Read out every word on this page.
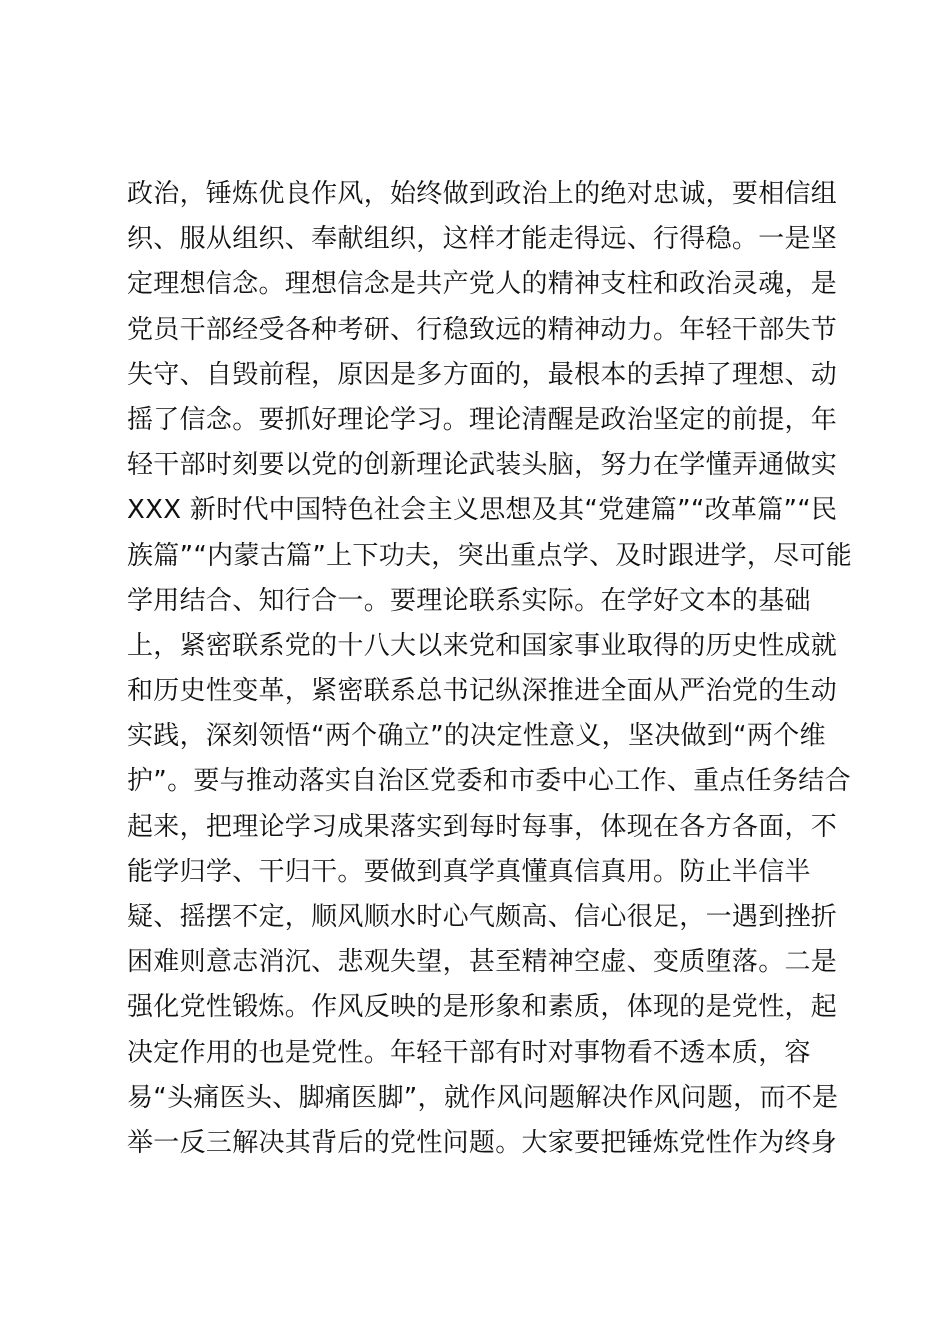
政治，锤炼优良作风，始终做到政治上的绝对忠诚，要相信组
织、服从组织、奉献组织，这样才能走得远、行得稳。一是坚
定理想信念。理想信念是共产党人的精神支柱和政治灵魂，是
党员干部经受各种考研、行稳致远的精神动力。年轻干部失节
失守、自毁前程，原因是多方面的，最根本的丢掉了理想、动
摇了信念。要抓好理论学习。理论清醒是政治坚定的前提，年
轻干部时刻要以党的创新理论武装头脑，努力在学懂弄通做实
XXX 新时代中国特色社会主义思想及其“党建篇”“改革篇”“民
族篇”“内蒙古篇”上下功夫，突出重点学、及时跟进学，尽可能
学用结合、知行合一。要理论联系实际。在学好文本的基础
上，紧密联系党的十八大以来党和国家事业取得的历史性成就
和历史性变革，紧密联系总书记纵深推进全面从严治党的生动
实践，深刻领悟“两个确立”的决定性意义，坚决做到“两个维
护”。要与推动落实自治区党委和市委中心工作、重点任务结合
起来，把理论学习成果落实到每时每事，体现在各方各面，不
能学归学、干归干。要做到真学真懂真信真用。防止半信半
疑、摇摆不定，顺风顺水时心气颇高、信心很足，一遇到挫折
困难则意志消沉、悲观失望，甚至精神空虚、变质堕落。二是
强化党性锻炼。作风反映的是形象和素质，体现的是党性，起
决定作用的也是党性。年轻干部有时对事物看不透本质，容
易“头痛医头、脚痛医脚”，就作风问题解决作风问题，而不是
举一反三解决其背后的党性问题。大家要把锤炼党性作为终身
